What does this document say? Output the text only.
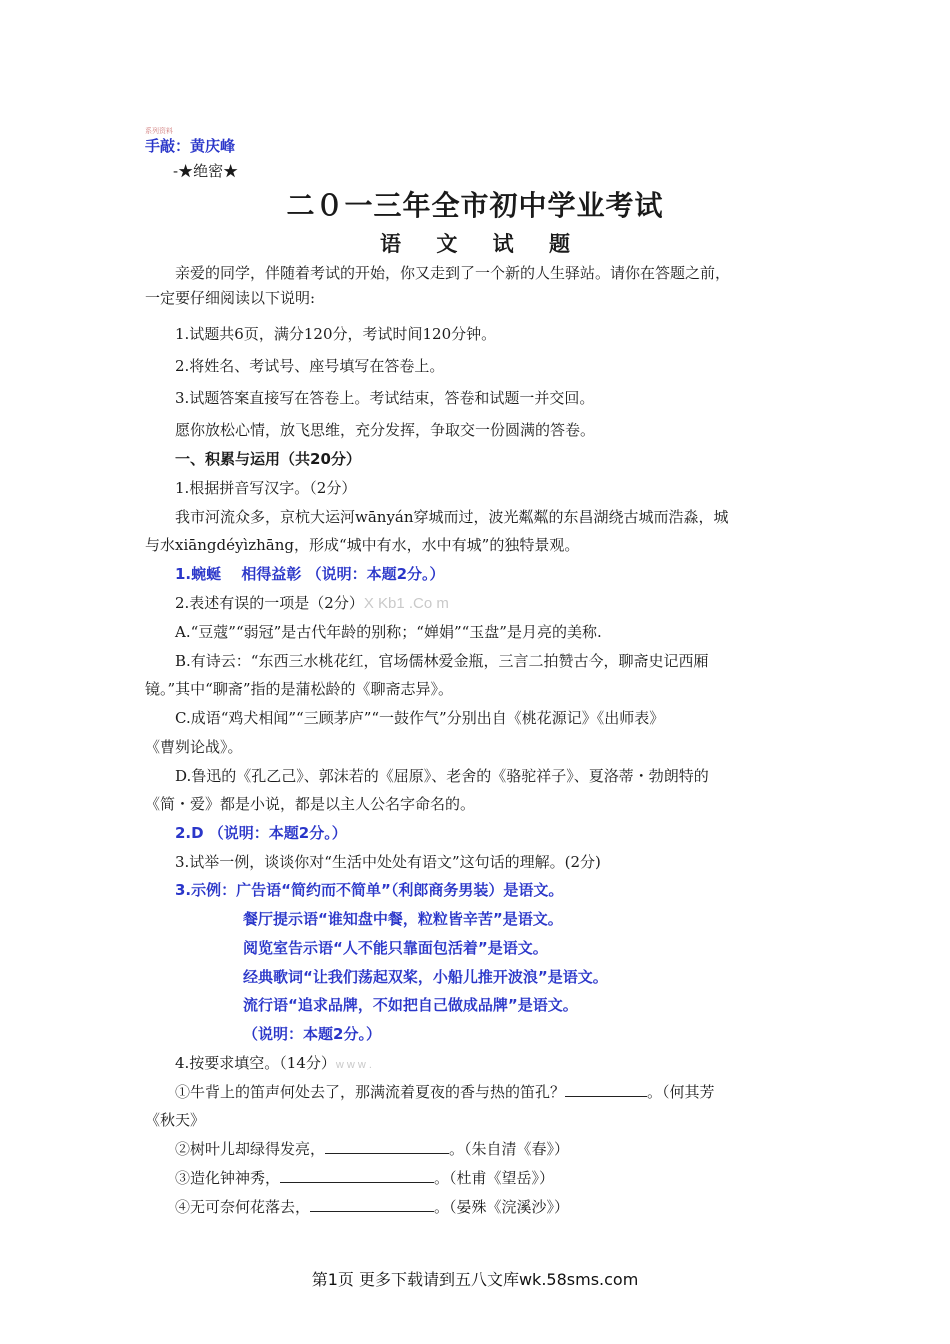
系列资料
手敲：黄庆峰
-★绝密★
二０一三年全市初中学业考试
语 文 试 题
亲爱的同学，伴随着考试的开始，你又走到了一个新的人生驿站。请你在答题之前，
一定要仔细阅读以下说明:
1.试题共6页，满分120分，考试时间120分钟。
2.将姓名、考试号、座号填写在答卷上。
3.试题答案直接写在答卷上。考试结束，答卷和试题一并交回。
愿你放松心情，放飞思维，充分发挥，争取交一份圆满的答卷。
一、积累与运用（共20分）
1.根据拼音写汉字。（2分）
我市河流众多，京杭大运河wānyán穿城而过，波光粼粼的东昌湖绕古城而浩淼，城
与水xiāngdéyìzhāng，形成“城中有水，水中有城”的独特景观。
1.蜿蜒　 相得益彰 （说明：本题2分。）
2.表述有误的一项是（2分）X Kb1 .Co m
A.“豆蔻”“弱冠”是古代年龄的别称；“婵娟”“玉盘”是月亮的美称.
B.有诗云：“东西三水桃花红，官场儒林爱金瓶，三言二拍赞古今，聊斋史记西厢
镜。”其中“聊斋”指的是蒲松龄的《聊斋志异》。
C.成语“鸡犬相闻”“三顾茅庐”“一鼓作气”分别出自《桃花源记》《出师表》
《曹刿论战》。
D.鲁迅的《孔乙己》、郭沫若的《屈原》、老舍的《骆驼祥子》、夏洛蒂・勃朗特的
《简・爱》都是小说，都是以主人公名字命名的。
2.D （说明：本题2分。）
3.试举一例，谈谈你对“生活中处处有语文”这句话的理解。(2分)
3.示例：广告语“简约而不简单”（利郎商务男装）是语文。
餐厅提示语“谁知盘中餐，粒粒皆辛苦”是语文。
阅览室告示语“人不能只靠面包活着”是语文。
经典歌词“让我们荡起双桨，小船儿推开波浪”是语文。
流行语“追求品牌，不如把自己做成品牌”是语文。
（说明：本题2分。）
4.按要求填空。（14分）w w w .
①牛背上的笛声何处去了，那满流着夏夜的香与热的笛孔？	。（何其芳
《秋天》
②树叶儿却绿得发亮，	。（朱自清《春》）
③造化钟神秀，	。（杜甫《望岳》）
④无可奈何花落去，	。（晏殊《浣溪沙》）
第1页 更多下载请到五八文库wk.58sms.com
